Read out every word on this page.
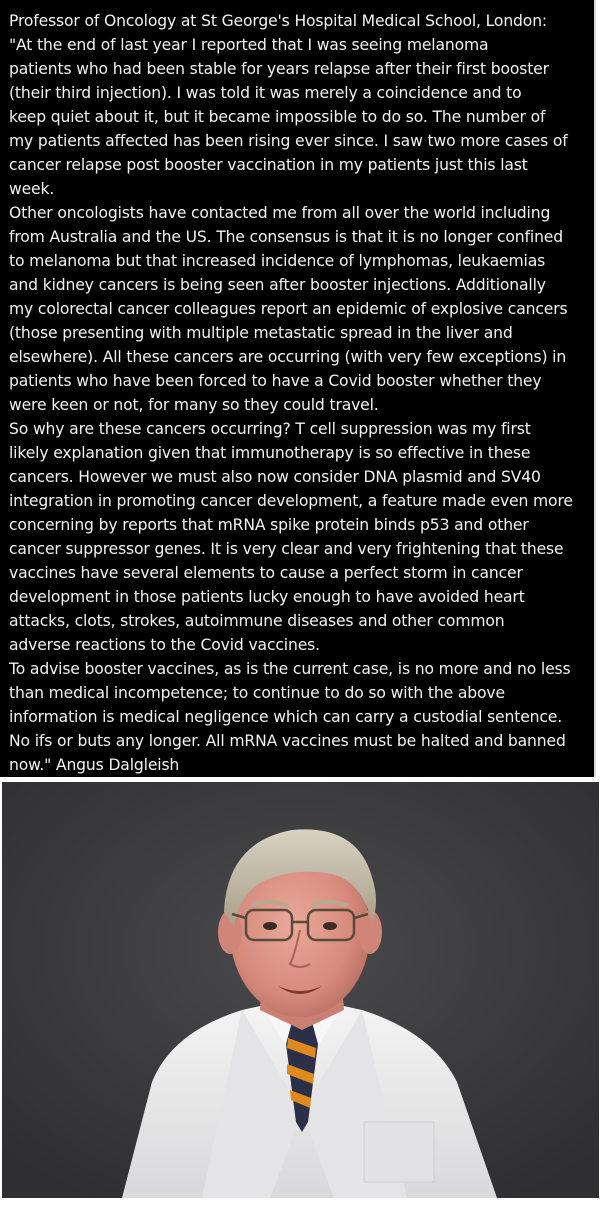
Professor of Oncology at St George's Hospital Medical School, London:
"At the end of last year I reported that I was seeing melanoma
patients who had been stable for years relapse after their first booster
(their third injection). I was told it was merely a coincidence and to
keep quiet about it, but it became impossible to do so. The number of
my patients affected has been rising ever since. I saw two more cases of
cancer relapse post booster vaccination in my patients just this last
week.
Other oncologists have contacted me from all over the world including
from Australia and the US. The consensus is that it is no longer confined
to melanoma but that increased incidence of lymphomas, leukaemias
and kidney cancers is being seen after booster injections. Additionally
my colorectal cancer colleagues report an epidemic of explosive cancers
(those presenting with multiple metastatic spread in the liver and
elsewhere). All these cancers are occurring (with very few exceptions) in
patients who have been forced to have a Covid booster whether they
were keen or not, for many so they could travel.
So why are these cancers occurring? T cell suppression was my first
likely explanation given that immunotherapy is so effective in these
cancers. However we must also now consider DNA plasmid and SV40
integration in promoting cancer development, a feature made even more
concerning by reports that mRNA spike protein binds p53 and other
cancer suppressor genes. It is very clear and very frightening that these
vaccines have several elements to cause a perfect storm in cancer
development in those patients lucky enough to have avoided heart
attacks, clots, strokes, autoimmune diseases and other common
adverse reactions to the Covid vaccines.
To advise booster vaccines, as is the current case, is no more and no less
than medical incompetence; to continue to do so with the above
information is medical negligence which can carry a custodial sentence.
No ifs or buts any longer. All mRNA vaccines must be halted and banned
now." Angus Dalgleish
